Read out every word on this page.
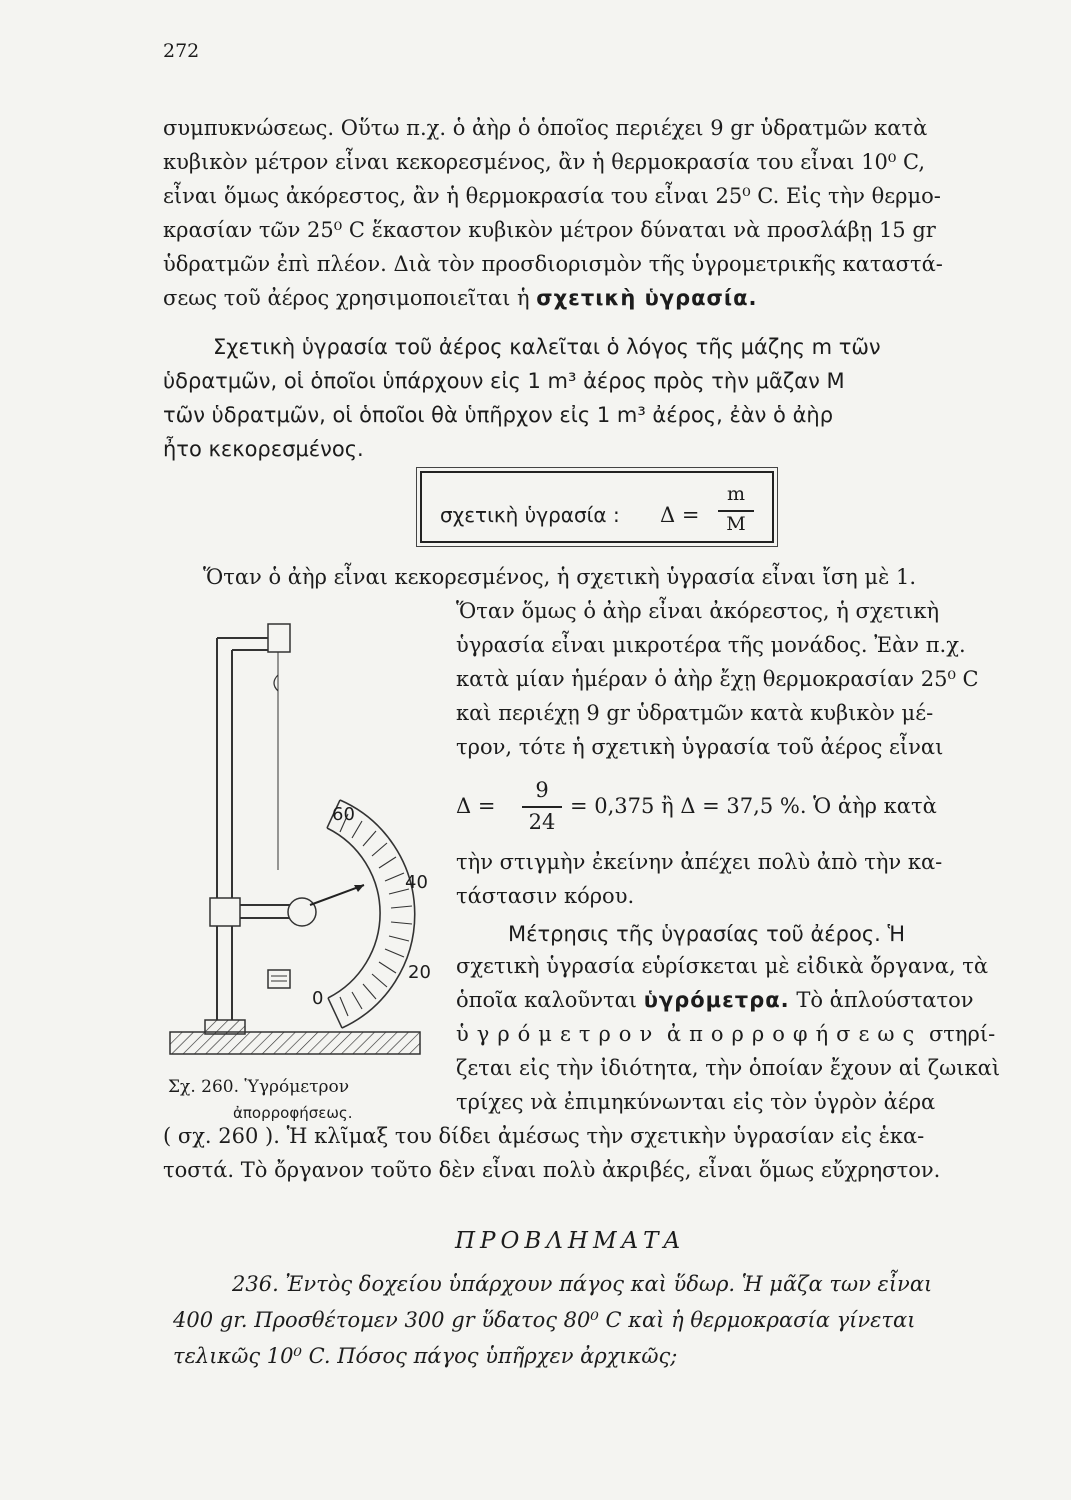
272
συμπυκνώσεως. Οὕτω π.χ. ὁ ἀὴρ ὁ ὁποῖος περιέχει 9 gr ὑδρατμῶν κατὰ
κυβικὸν μέτρον εἶναι κεκορεσμένος, ἂν ἡ θερμοκρασία του εἶναι 10⁰ C,
εἶναι ὅμως ἀκόρεστος, ἂν ἡ θερμοκρασία του εἶναι 25⁰ C. Εἰς τὴν θερμο-
κρασίαν τῶν 25⁰ C ἕκαστον κυβικὸν μέτρον δύναται νὰ προσλάβῃ 15 gr
ὑδρατμῶν ἐπὶ πλέον. Διὰ τὸν προσδιορισμὸν τῆς ὑγρομετρικῆς καταστά-
σεως τοῦ ἀέρος χρησιμοποιεῖται ἡ σχετικὴ ὑγρασία.
Σχετικὴ ὑγρασία τοῦ ἀέρος καλεῖται ὁ λόγος τῆς μάζης m τῶν
ὑδρατμῶν, οἱ ὁποῖοι ὑπάρχουν εἰς 1 m³ ἀέρος πρὸς τὴν μᾶζαν M
τῶν ὑδρατμῶν, οἱ ὁποῖοι θὰ ὑπῆρχον εἰς 1 m³ ἀέρος, ἐὰν ὁ ἀὴρ
ἦτο κεκορεσμένος.
σχετικὴ ὑγρασία : Δ =
m
M
Ὅταν ὁ ἀὴρ εἶναι κεκορεσμένος, ἡ σχετικὴ ὑγρασία εἶναι ἴση μὲ 1.
Ὅταν ὅμως ὁ ἀὴρ εἶναι ἀκόρεστος, ἡ σχετικὴ
ὑγρασία εἶναι μικροτέρα τῆς μονάδος. Ἐὰν π.χ.
κατὰ μίαν ἡμέραν ὁ ἀὴρ ἔχῃ θερμοκρασίαν 25⁰ C
καὶ περιέχῃ 9 gr ὑδρατμῶν κατὰ κυβικὸν μέ-
τρον, τότε ἡ σχετικὴ ὑγρασία τοῦ ἀέρος εἶναι
Δ =
9
24
= 0,375 ἢ Δ = 37,5 %. Ὁ ἀὴρ κατὰ
τὴν στιγμὴν ἐκείνην ἀπέχει πολὺ ἀπὸ τὴν κα-
τάστασιν κόρου.
Μέτρησις τῆς ὑγρασίας τοῦ ἀέρος. Ἡ
σχετικὴ ὑγρασία εὑρίσκεται μὲ εἰδικὰ ὄργανα, τὰ
ὁποῖα καλοῦνται ὑγρόμετρα. Τὸ ἁπλούστατον
ὑγρόμετρον ἀπορροφήσεως στηρί-
ζεται εἰς τὴν ἰδιότητα, τὴν ὁποίαν ἔχουν αἱ ζωικαὶ
τρίχες νὰ ἐπιμηκύνωνται εἰς τὸν ὑγρὸν ἀέρα
( σχ. 260 ). Ἡ κλῖμαξ του δίδει ἀμέσως τὴν σχετικὴν ὑγρασίαν εἰς ἑκα-
τοστά. Τὸ ὄργανον τοῦτο δὲν εἶναι πολὺ ἀκριβές, εἶναι ὅμως εὔχρηστον.
60
40
20
0
Σχ. 260. Ὑγρόμετρον
ἀπορροφήσεως.
ΠΡΟΒΛΗΜΑΤΑ
236. Ἐντὸς δοχείου ὑπάρχουν πάγος καὶ ὕδωρ. Ἡ μᾶζα των εἶναι
400 gr. Προσθέτομεν 300 gr ὕδατος 80⁰ C καὶ ἡ θερμοκρασία γίνεται
τελικῶς 10⁰ C. Πόσος πάγος ὑπῆρχεν ἀρχικῶς;
